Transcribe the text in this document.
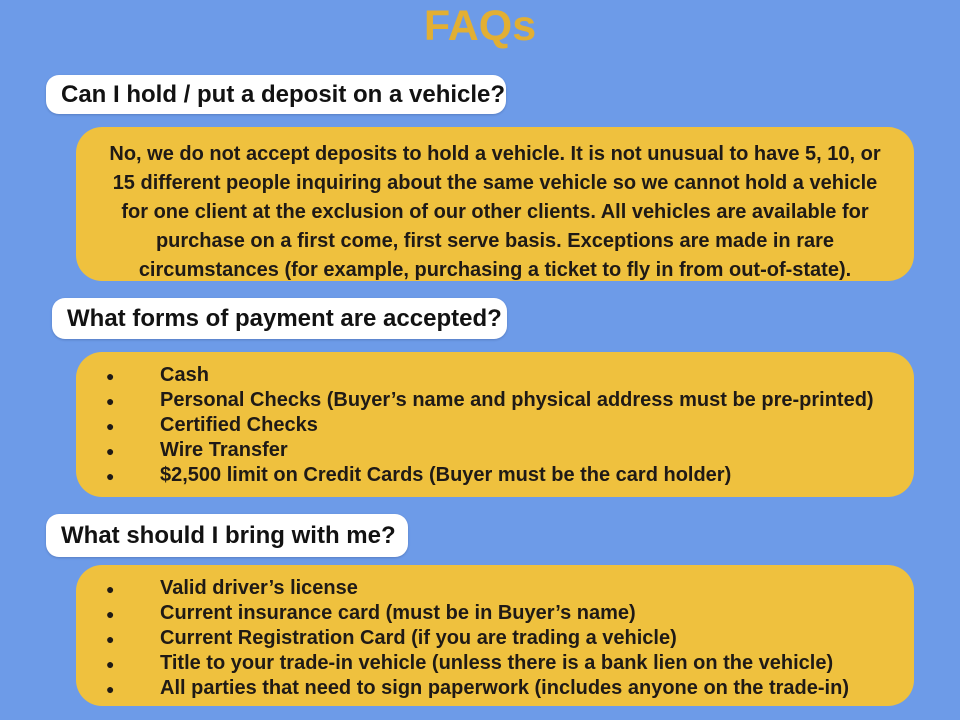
FAQs
Can I hold / put a deposit on a vehicle?

No, we do not accept deposits to hold a vehicle. It is not unusual to have 5, 10, or 15 different people inquiring about the same vehicle so we cannot hold a vehicle for one client at the exclusion of our other clients. All vehicles are available for purchase on a first come, first serve basis. Exceptions are made in rare circumstances (for example, purchasing a ticket to fly in from out-of-state).

What forms of payment are accepted?
●	Cash
●	Personal Checks (Buyer’s name and physical address must be pre-printed)
●	Certified Checks
●	Wire Transfer
●	$2,500 limit on Credit Cards (Buyer must be the card holder)
What should I bring with me?
●	Valid driver’s license
●	Current insurance card (must be in Buyer’s name)
●	Current Registration Card (if you are trading a vehicle)
●	Title to your trade-in vehicle (unless there is a bank lien on the vehicle)
●	All parties that need to sign paperwork (includes anyone on the trade-in)
